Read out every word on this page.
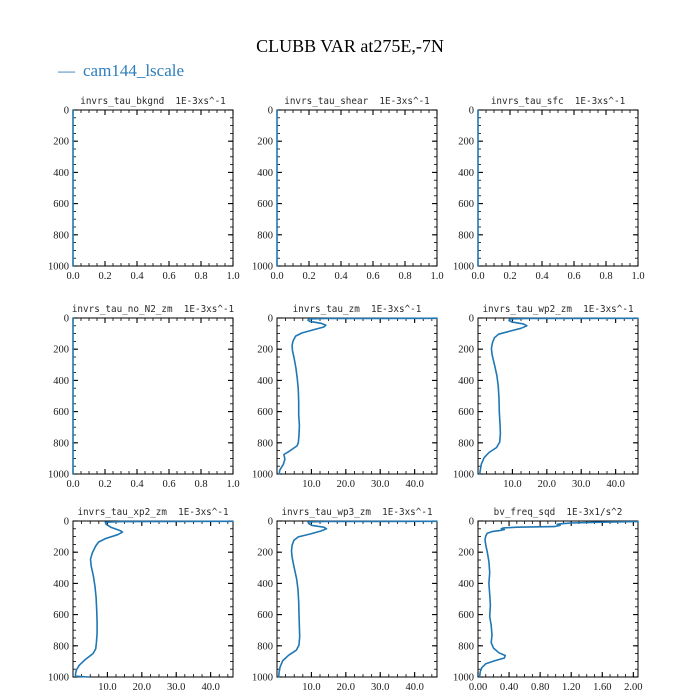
CLUBB VAR at275E,-7N
— cam144_lscale
0.0 0.2 0.4 0.6 0.8 1.0
0
200
400
600
800
1000
invrs_tau_bkgnd  1E-3xs^-1
0.0 0.2 0.4 0.6 0.8 1.0
0
200
400
600
800
1000
invrs_tau_shear  1E-3xs^-1
0.0 0.2 0.4 0.6 0.8 1.0
0
200
400
600
800
1000
invrs_tau_sfc  1E-3xs^-1
0.0 0.2 0.4 0.6 0.8 1.0
0
200
400
600
800
1000
invrs_tau_no_N2_zm  1E-3xs^-1
10.0 20.0 30.0 40.0
0
200
400
600
800
1000
invrs_tau_zm  1E-3xs^-1
10.0 20.0 30.0 40.0
0
200
400
600
800
1000
invrs_tau_wp2_zm  1E-3xs^-1
10.0 20.0 30.0 40.0
0
200
400
600
800
1000
invrs_tau_xp2_zm  1E-3xs^-1
10.0 20.0 30.0 40.0
0
200
400
600
800
1000
invrs_tau_wp3_zm  1E-3xs^-1
0.00 0.40 0.80 1.20 1.60 2.00
0
200
400
600
800
1000
bv_freq_sqd  1E-3x1/s^2
